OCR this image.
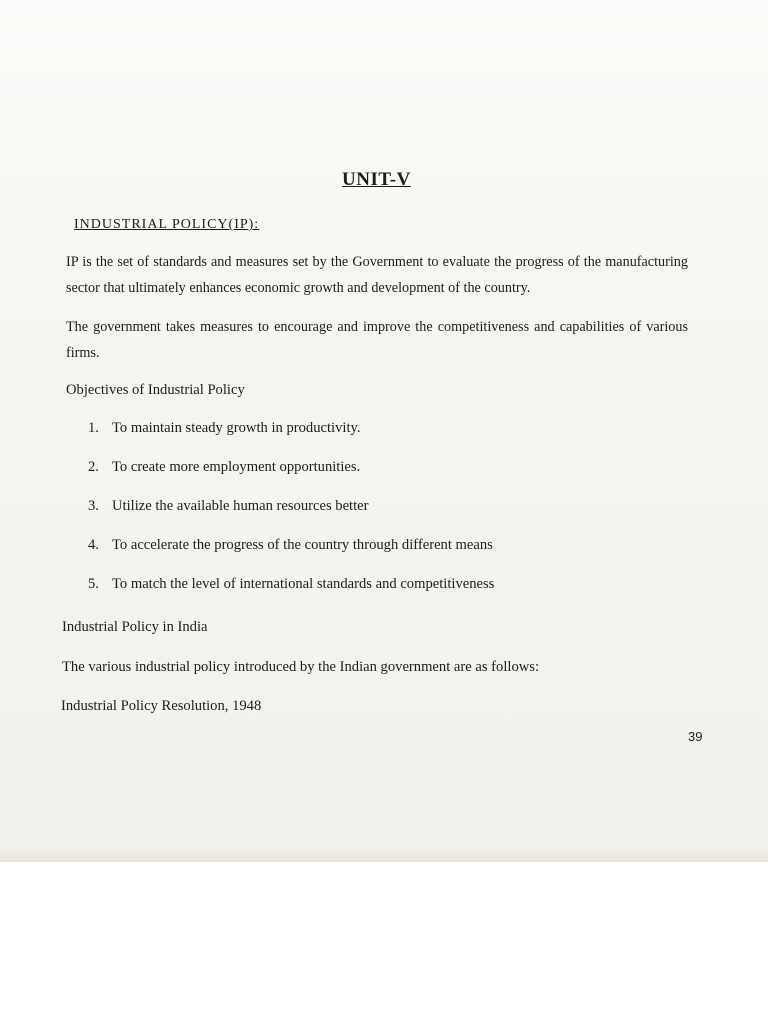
UNIT-V
INDUSTRIAL POLICY(IP):
IP is the set of standards and measures set by the Government to evaluate the progress of the manufacturing sector that ultimately enhances economic growth and development of the country.
The government takes measures to encourage and improve the competitiveness and capabilities of various firms.
Objectives of Industrial Policy
1. To maintain steady growth in productivity.
2. To create more employment opportunities.
3. Utilize the available human resources better
4. To accelerate the progress of the country through different means
5. To match the level of international standards and competitiveness
Industrial Policy in India
The various industrial policy introduced by the Indian government are as follows:
Industrial Policy Resolution, 1948
39
